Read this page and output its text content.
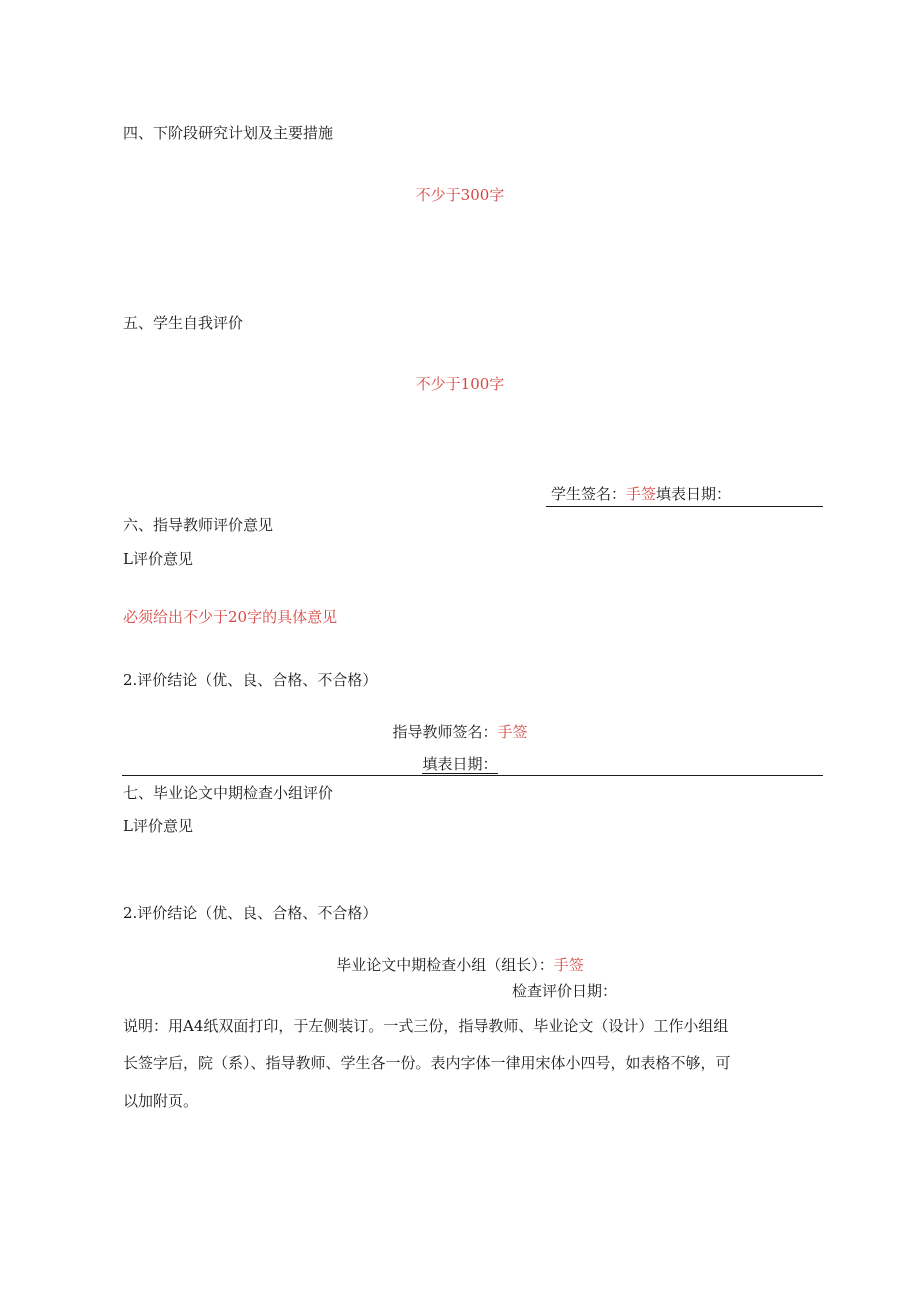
四、下阶段研究计划及主要措施
不少于300字
五、学生自我评价
不少于100字
学生签名：手签填表日期：
六、指导教师评价意见
L评价意见
必须给出不少于20字的具体意见
2.评价结论（优、良、合格、不合格）
指导教师签名：手签
填表日期：
七、毕业论文中期检查小组评价
L评价意见
2.评价结论（优、良、合格、不合格）
毕业论文中期检查小组（组长）：手签
检查评价日期：
说明：用A4纸双面打印，于左侧装订。一式三份，指导教师、毕业论文（设计）工作小组组
长签字后，院（系）、指导教师、学生各一份。表内字体一律用宋体小四号，如表格不够，可
以加附页。
